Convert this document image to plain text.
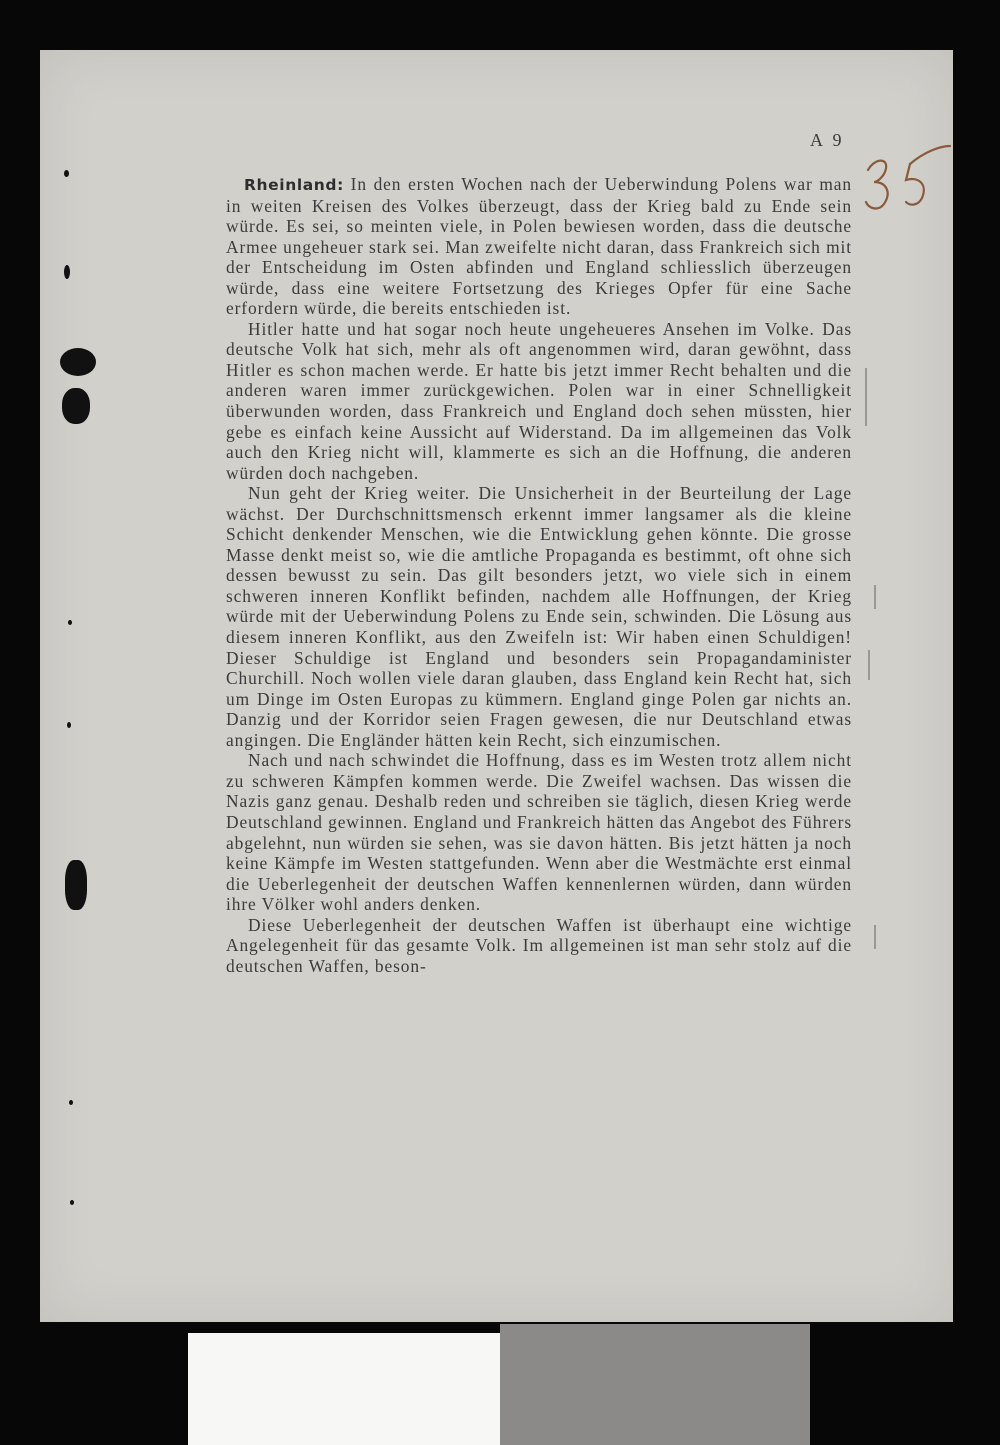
A 9

Rheinland: In den ersten Wochen nach der Ueberwindung Polens war man in weiten Kreisen des Volkes überzeugt, dass der Krieg bald zu Ende sein würde. Es sei, so meinten viele, in Polen bewiesen worden, dass die deutsche Armee ungeheuer stark sei. Man zweifelte nicht daran, dass Frankreich sich mit der Entscheidung im Osten abfinden und England schliesslich überzeugen würde, dass eine weitere Fortsetzung des Krieges Opfer für eine Sache erfordern würde, die bereits entschieden ist.

Hitler hatte und hat sogar noch heute ungeheueres Ansehen im Volke. Das deutsche Volk hat sich, mehr als oft angenommen wird, daran gewöhnt, dass Hitler es schon machen werde. Er hatte bis jetzt immer Recht behalten und die anderen waren immer zurückgewichen. Polen war in einer Schnelligkeit überwunden worden, dass Frankreich und England doch sehen müssten, hier gebe es einfach keine Aussicht auf Widerstand. Da im allgemeinen das Volk auch den Krieg nicht will, klammerte es sich an die Hoffnung, die anderen würden doch nachgeben.

Nun geht der Krieg weiter. Die Unsicherheit in der Beurteilung der Lage wächst. Der Durchschnittsmensch erkennt immer langsamer als die kleine Schicht denkender Menschen, wie die Entwicklung gehen könnte. Die grosse Masse denkt meist so, wie die amtliche Propaganda es bestimmt, oft ohne sich dessen bewusst zu sein. Das gilt besonders jetzt, wo viele sich in einem schweren inneren Konflikt befinden, nachdem alle Hoffnungen, der Krieg würde mit der Ueberwindung Polens zu Ende sein, schwinden. Die Lösung aus diesem inneren Konflikt, aus den Zweifeln ist: Wir haben einen Schuldigen! Dieser Schuldige ist England und besonders sein Propagandaminister Churchill. Noch wollen viele daran glauben, dass England kein Recht hat, sich um Dinge im Osten Europas zu kümmern. England ginge Polen gar nichts an. Danzig und der Korridor seien Fragen gewesen, die nur Deutschland etwas angingen. Die Engländer hätten kein Recht, sich einzumischen.

Nach und nach schwindet die Hoffnung, dass es im Westen trotz allem nicht zu schweren Kämpfen kommen werde. Die Zweifel wachsen. Das wissen die Nazis ganz genau. Deshalb reden und schreiben sie täglich, diesen Krieg werde Deutschland gewinnen. England und Frankreich hätten das Angebot des Führers abgelehnt, nun würden sie sehen, was sie davon hätten. Bis jetzt hätten ja noch keine Kämpfe im Westen stattgefunden. Wenn aber die Westmächte erst einmal die Ueberlegenheit der deutschen Waffen kennenlernen würden, dann würden ihre Völker wohl anders denken.

Diese Ueberlegenheit der deutschen Waffen ist überhaupt eine wichtige Angelegenheit für das gesamte Volk. Im allgemeinen ist man sehr stolz auf die deutschen Waffen, beson-
